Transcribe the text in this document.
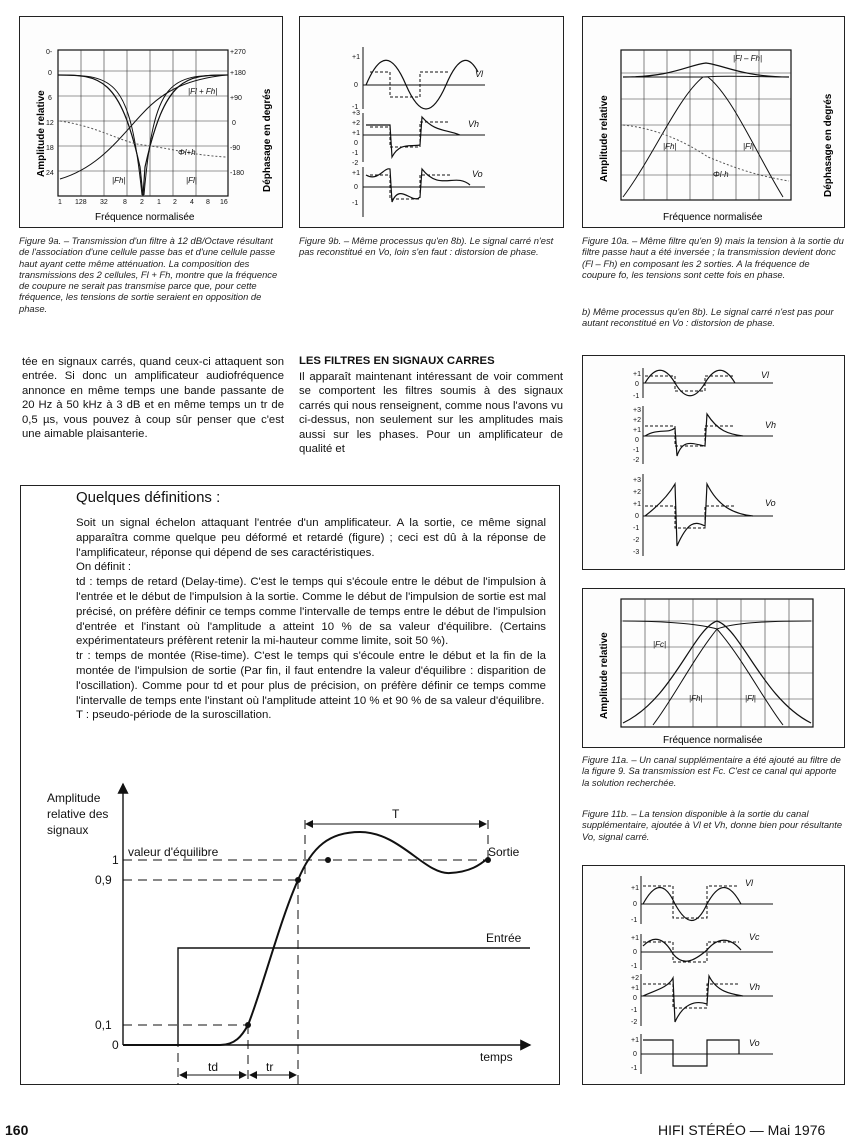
0-
0
6
12
18
24
+270
+180
+90
0
-90
-180
1 128 32 8 2 1 2 4 8 16
|Fl + Fh|
Φl+h
|Fh|	|Fl|
Amplitude relative	Déphasage en degrés
Fréquence normalisée
Figure 9a. – Transmission d'un filtre à 12 dB/Octave résultant de l'association d'une cellule passe bas et d'une cellule passe haut ayant cette même atténuation. La composition des transmissions des 2 cellules, Fl + Fh, montre que la fréquence de coupure ne serait pas transmise parce que, pour cette fréquence, les tensions de sortie seraient en opposition de phase.
+1
0
-1
+3
+2
+1
0
-1
-2
+1
0
-1
Vl
Vh
Vo
Figure 9b. – Même processus qu'en 8b). Le signal carré n'est pas reconstitué en Vo, loin s'en faut : distorsion de phase.
|Fl – Fh|
|Fh|	|Fl|
Φl-h
Amplitude relative	Déphasage en degrés
Fréquence normalisée
Figure 10a. – Même filtre qu'en 9) mais la tension à la sortie du filtre passe haut a été inversée ; la transmission devient donc (Fl – Fh) en composant les 2 sorties. A la fréquence de coupure fo, les tensions sont cette fois en phase.
b) Même processus qu'en 8b). Le signal carré n'est pas pour autant reconstitué en Vo : distorsion de phase.
+1
0
-1
+3
+2
+1
0
-1
-2
+3
+2
+1
0
-1
-2
-3
Vl
Vh
Vo
|Fc|
|Fh|	|Fl|
Amplitude relative
Fréquence normalisée
Figure 11a. – Un canal supplémentaire a été ajouté au filtre de la figure 9. Sa transmission est Fc. C'est ce canal qui apporte la solution recherchée.
Figure 11b. – La tension disponible à la sortie du canal supplémentaire, ajoutée à Vl et Vh, donne bien pour résultante Vo, signal carré.
+1
0
-1
+1
0
-1
+2
+1
0
-1
-2
+1
0
-1
Vl
Vc
Vh
Vo
tée en signaux carrés, quand ceux-ci attaquent son entrée. Si donc un amplificateur audiofréquence annonce en même temps une bande passante de 20 Hz à 50 kHz à 3 dB et en même temps un tr de 0,5 µs, vous pouvez à coup sûr penser que c'est une aimable plaisanterie.
LES FILTRES EN SIGNAUX CARRES
Il apparaît maintenant intéressant de voir comment se comportent les filtres soumis à des signaux carrés qui nous renseignent, comme nous l'avons vu ci-dessus, non seulement sur les amplitudes mais aussi sur les phases. Pour un amplificateur de qualité et
Quelques définitions :

Soit un signal échelon attaquant l'entrée d'un amplificateur. A la sortie, ce même signal apparaîtra comme quelque peu déformé et retardé (figure) ; ceci est dû à la réponse de l'amplificateur, réponse qui dépend de ses caractéristiques.

On définit :

td : temps de retard (Delay-time). C'est le temps qui s'écoule entre le début de l'impulsion à l'entrée et le début de l'impulsion à la sortie. Comme le début de l'impulsion de sortie est mal précisé, on préfère définir ce temps comme l'intervalle de temps entre le début de l'impulsion d'entrée et l'instant où l'amplitude a atteint 10 % de sa valeur d'équilibre. (Certains expérimentateurs préfèrent retenir la mi-hauteur comme limite, soit 50 %).

tr : temps de montée (Rise-time). C'est le temps qui s'écoule entre le début et la fin de la montée de l'impulsion de sortie (Par fin, il faut entendre la valeur d'équilibre : disparition de l'oscillation). Comme pour td et pour plus de précision, on préfère définir ce temps comme l'intervalle de temps ente l'instant où l'amplitude atteint 10 % et 90 % de sa valeur d'équilibre.

T : pseudo-période de la suroscillation.

Amplitude
relative des
signaux
1
0,9
0,1
0
valeur d'équilibre
T
Sortie
Entrée
temps
td	tr
160	HIFI STÉRÉO — Mai 1976
